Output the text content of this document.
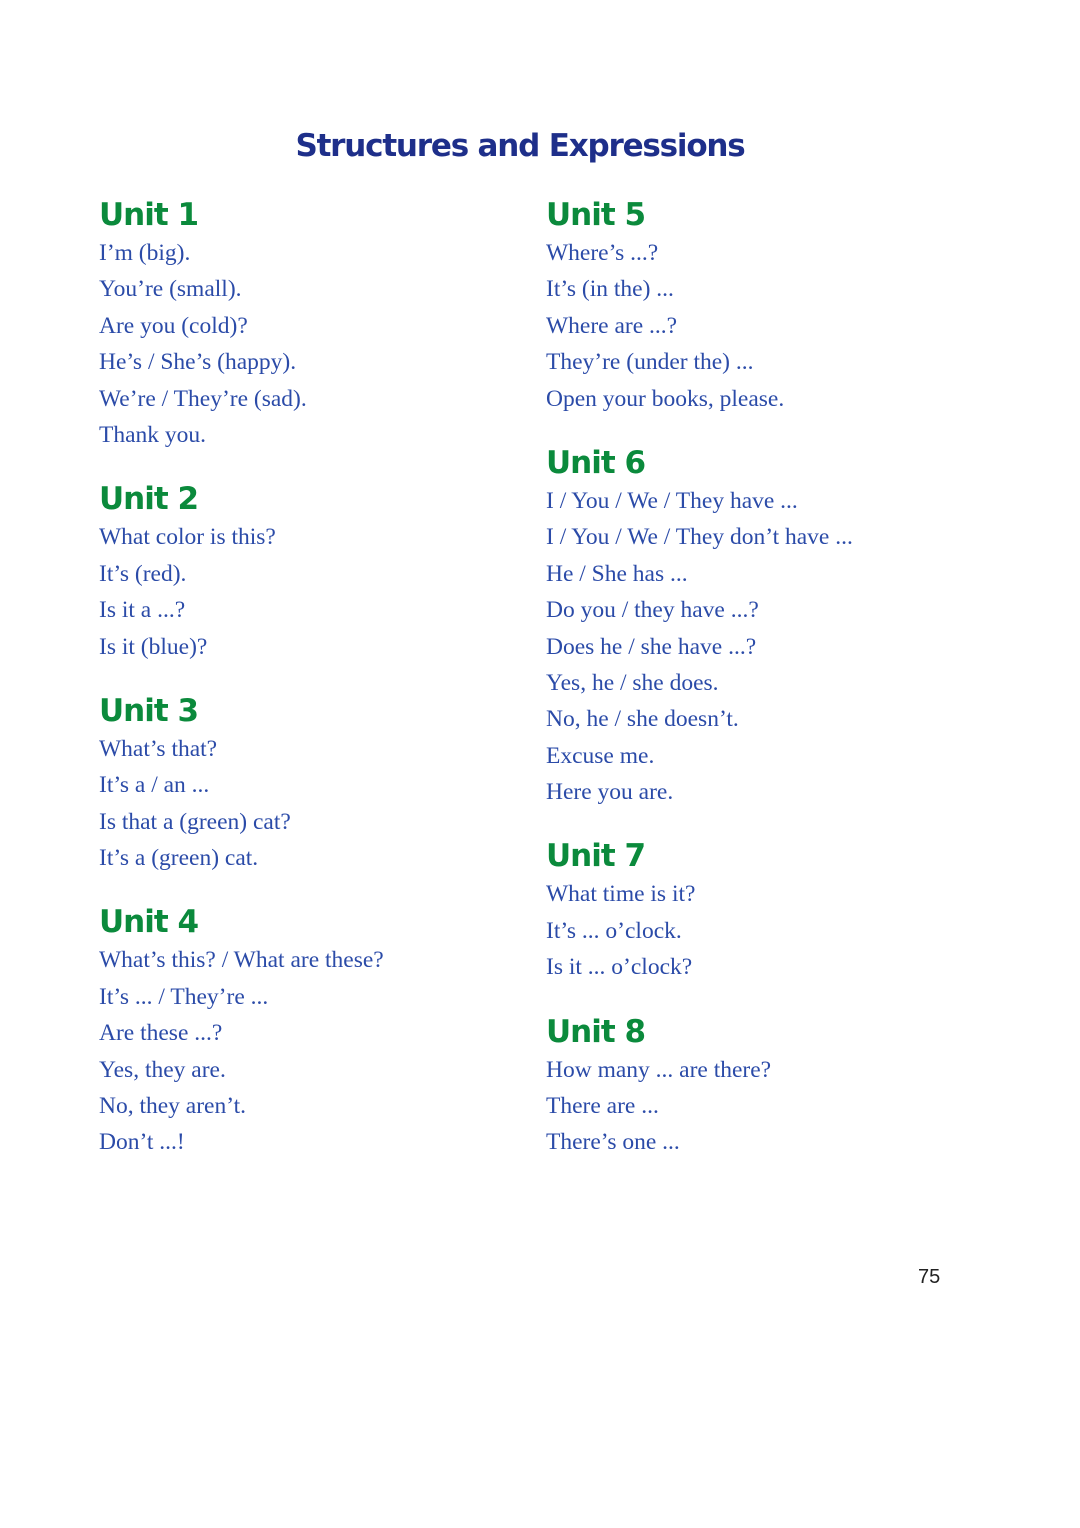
Structures and Expressions
Unit 1
I’m (big).
You’re (small).
Are you (cold)?
He’s / She’s (happy).
We’re / They’re (sad).
Thank you.
Unit 2
What color is this?
It’s (red).
Is it a ...?
Is it (blue)?
Unit 3
What’s that?
It’s a / an ...
Is that a (green) cat?
It’s a (green) cat.
Unit 4
What’s this? / What are these?
It’s ... / They’re ...
Are these ...?
Yes, they are.
No, they aren’t.
Don’t ...!
Unit 5
Where’s ...?
It’s (in the) ...
Where are ...?
They’re (under the) ...
Open your books, please.
Unit 6
I / You / We / They have ...
I / You / We / They don’t have ...
He / She has ...
Do you / they have ...?
Does he / she have ...?
Yes, he / she does.
No, he / she doesn’t.
Excuse me.
Here you are.
Unit 7
What time is it?
It’s ... o’clock.
Is it ... o’clock?
Unit 8
How many ... are there?
There are ...
There’s one ...
75
